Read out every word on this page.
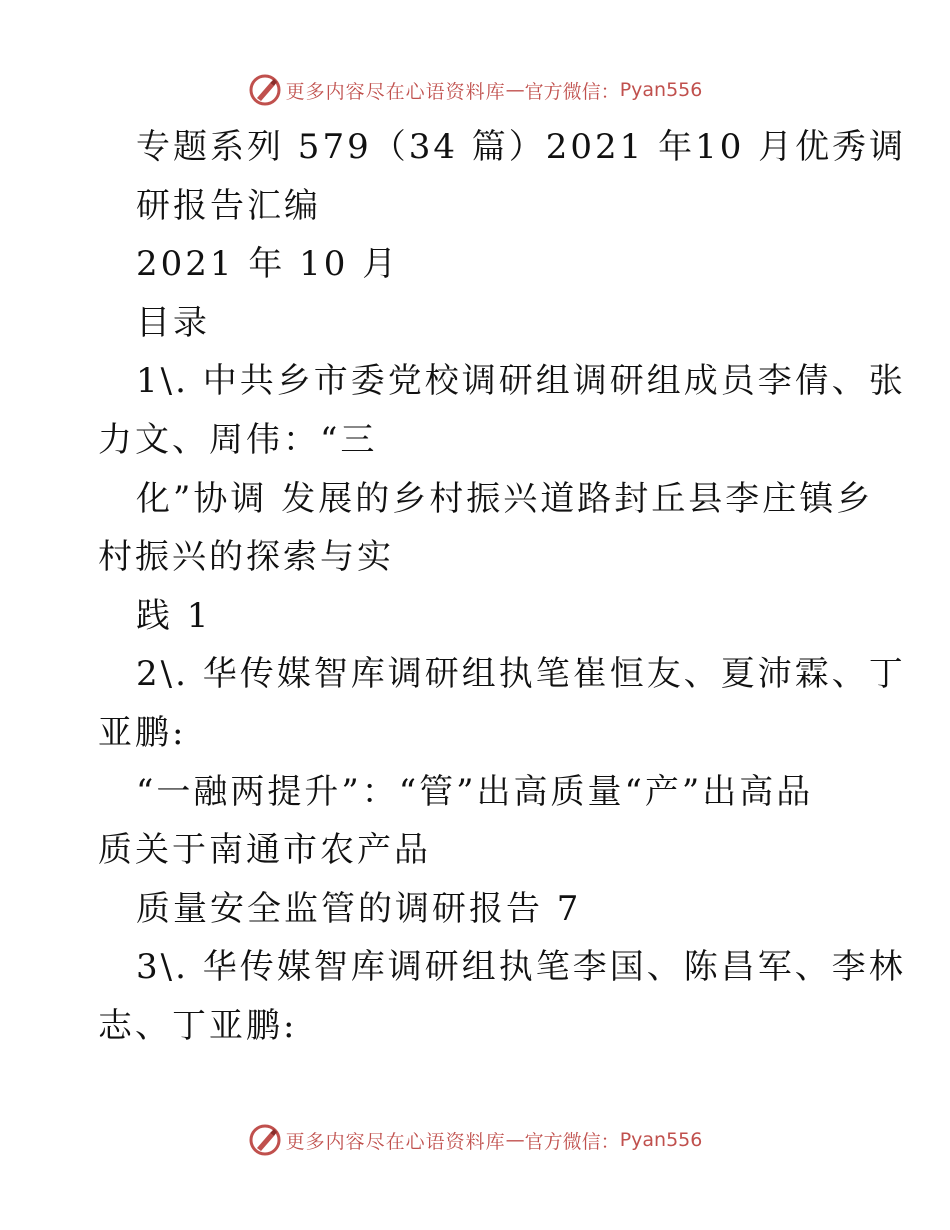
更多内容尽在心语资料库 — 官方微信： Pyan556
专题系列 579（34 篇）2021 年10 月优秀调
研报告汇编
2021 年 10 月
目录
1\. 中共乡市委党校调研组调研组成员李倩、张
力文、周伟：“三
化”协调 发展的乡村振兴道路封丘县李庄镇乡
村振兴的探索与实
践 1
2\. 华传媒智库调研组执笔崔恒友、夏沛霖、丁
亚鹏:
“一融两提升”：“管”出高质量“产”出高品
质关于南通市农产品
质量安全监管的调研报告 7
3\. 华传媒智库调研组执笔李国、陈昌军、李林
志、丁亚鹏:
更多内容尽在心语资料库 — 官方微信： Pyan556
